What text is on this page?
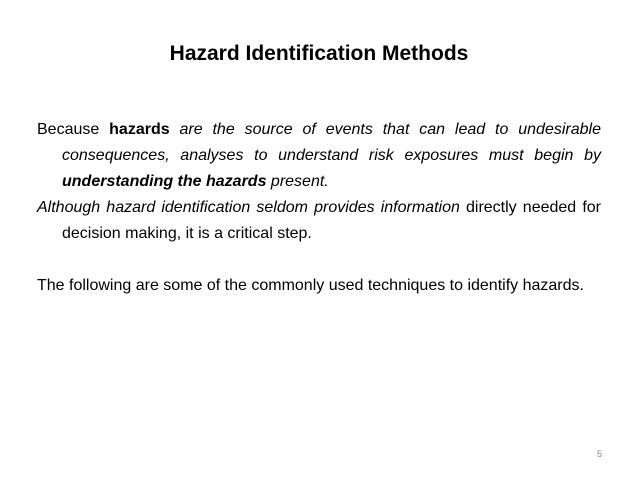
Hazard Identification Methods

Because hazards are the source of events that can lead to undesirable consequences, analyses to understand risk exposures must begin by understanding the hazards present.

Although hazard identification seldom provides information directly needed for decision making, it is a critical step.

The following are some of the commonly used techniques to identify hazards.

5
